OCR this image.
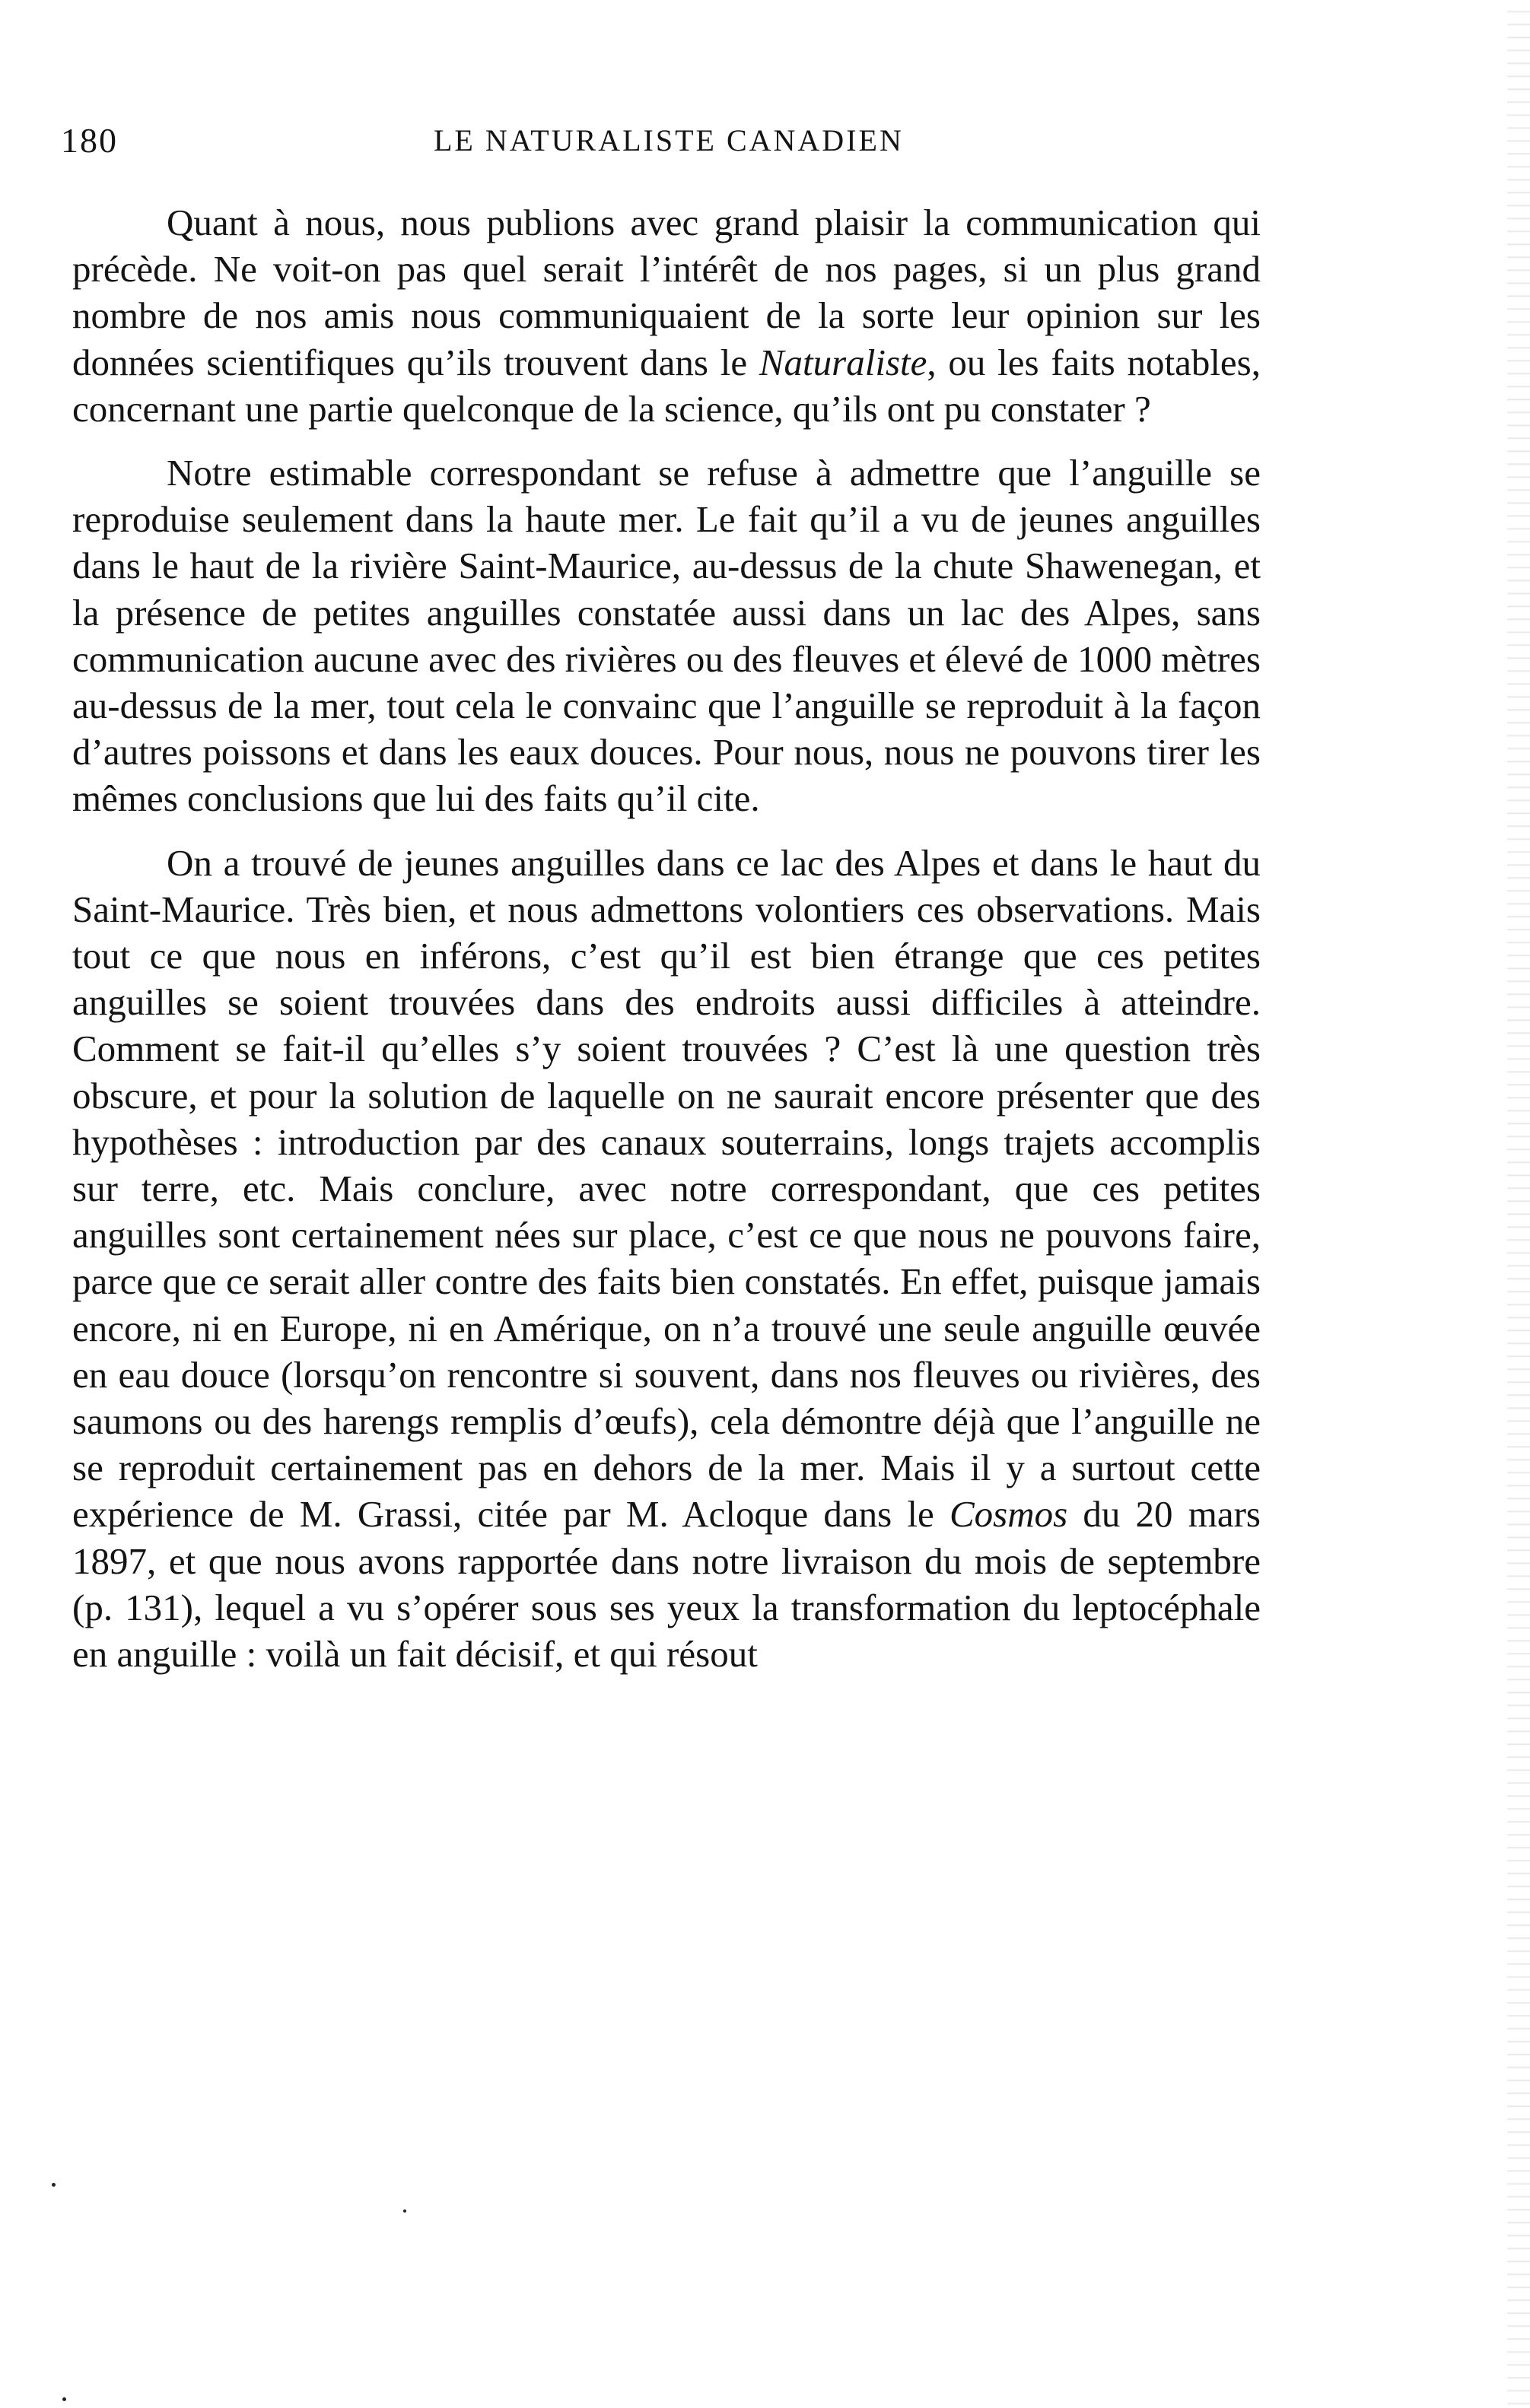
180	LE NATURALISTE CANADIEN

Quant à nous, nous publions avec grand plaisir la communication qui précède. Ne voit-on pas quel serait l’intérêt de nos pages, si un plus grand nombre de nos amis nous communiquaient de la sorte leur opinion sur les données scientifiques qu’ils trouvent dans le Naturaliste, ou les faits notables, concernant une partie quelconque de la science, qu’ils ont pu constater ?

Notre estimable correspondant se refuse à admettre que l’anguille se reproduise seulement dans la haute mer. Le fait qu’il a vu de jeunes anguilles dans le haut de la rivière Saint-Maurice, au-dessus de la chute Shawenegan, et la présence de petites anguilles constatée aussi dans un lac des Alpes, sans communication aucune avec des rivières ou des fleuves et élevé de 1000 mètres au-dessus de la mer, tout cela le convainc que l’anguille se reproduit à la façon d’autres poissons et dans les eaux douces. Pour nous, nous ne pouvons tirer les mêmes conclusions que lui des faits qu’il cite.

On a trouvé de jeunes anguilles dans ce lac des Alpes et dans le haut du Saint-Maurice. Très bien, et nous admettons volontiers ces observations. Mais tout ce que nous en inférons, c’est qu’il est bien étrange que ces petites anguilles se soient trouvées dans des endroits aussi difficiles à atteindre. Comment se fait-il qu’elles s’y soient trouvées ? C’est là une question très obscure, et pour la solution de laquelle on ne saurait encore présenter que des hypothèses : introduction par des canaux souterrains, longs trajets accomplis sur terre, etc. Mais conclure, avec notre correspondant, que ces petites anguilles sont certainement nées sur place, c’est ce que nous ne pouvons faire, parce que ce serait aller contre des faits bien constatés. En effet, puisque jamais encore, ni en Europe, ni en Amérique, on n’a trouvé une seule anguille œuvée en eau douce (lorsqu’on rencontre si souvent, dans nos fleuves ou rivières, des saumons ou des harengs remplis d’œufs), cela démontre déjà que l’anguille ne se reproduit certainement pas en dehors de la mer. Mais il y a surtout cette expérience de M. Grassi, citée par M. Acloque dans le Cosmos du 20 mars 1897, et que nous avons rapportée dans notre livraison du mois de septembre (p. 131), lequel a vu s’opérer sous ses yeux la transformation du leptocéphale en anguille : voilà un fait décisif, et qui résout
